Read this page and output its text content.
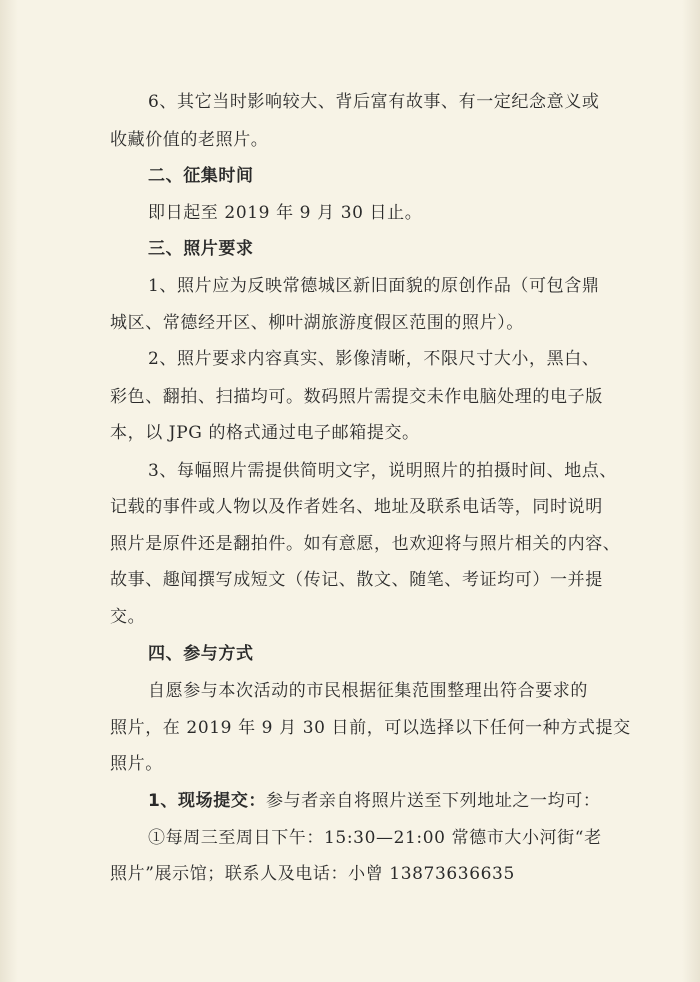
6、其它当时影响较大、背后富有故事、有一定纪念意义或
收藏价值的老照片。
二、征集时间
即日起至 2019 年 9 月 30 日止。
三、照片要求
1、照片应为反映常德城区新旧面貌的原创作品（可包含鼎
城区、常德经开区、柳叶湖旅游度假区范围的照片）。
2、照片要求内容真实、影像清晰，不限尺寸大小，黑白、
彩色、翻拍、扫描均可。数码照片需提交未作电脑处理的电子版
本，以 JPG 的格式通过电子邮箱提交。
3、每幅照片需提供简明文字，说明照片的拍摄时间、地点、
记载的事件或人物以及作者姓名、地址及联系电话等，同时说明
照片是原件还是翻拍件。如有意愿，也欢迎将与照片相关的内容、
故事、趣闻撰写成短文（传记、散文、随笔、考证均可）一并提
交。
四、参与方式
自愿参与本次活动的市民根据征集范围整理出符合要求的
照片，在 2019 年 9 月 30 日前，可以选择以下任何一种方式提交
照片。
1、现场提交：参与者亲自将照片送至下列地址之一均可：
①每周三至周日下午：15:30—21:00 常德市大小河街“老
照片”展示馆；联系人及电话：小曾 13873636635
